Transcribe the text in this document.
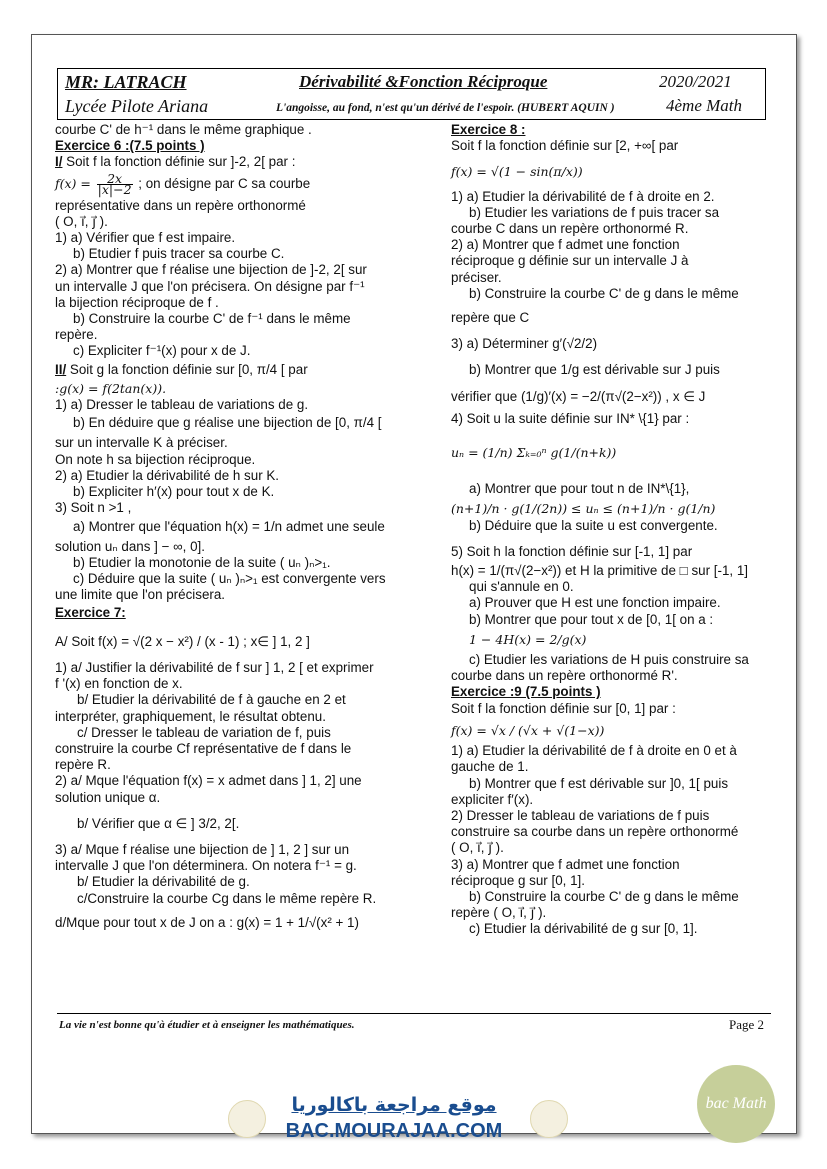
MR: LATRACH	Dérivabilité &Fonction Réciproque	2020/2021
Lycée Pilote Ariana	L'angoisse, au fond, n'est qu'un dérivé de l'espoir. (HUBERT AQUIN )	4ème Math
courbe C' de h⁻¹ dans le même graphique .
Exercice 6 :(7.5 points )
I/ Soit f la fonction définie sur ]-2, 2[ par :
$f(x) = \frac{2x}{|x|-2}$ ; on désigne par C sa courbe
représentative dans un repère orthonormé
( O, i⃗, j⃗ ).
1) a) Vérifier que f est impaire.
b) Etudier f puis tracer sa courbe C.
2) a) Montrer que f réalise une bijection de ]-2, 2[ sur
un intervalle J que l'on précisera. On désigne par f⁻¹
la bijection réciproque de f .
b) Construire la courbe C' de f⁻¹ dans le même
repère.
c) Expliciter f⁻¹(x) pour x de J.
II/ Soit g la fonction définie sur [0, π/4 [ par
:g(x) = f(2tan(x)).
1) a) Dresser le tableau de variations de g.
b) En déduire que g réalise une bijection de [0, π/4 [
sur un intervalle K à préciser.
On note h sa bijection réciproque.
2) a) Etudier la dérivabilité de h sur K.
b) Expliciter h′(x) pour tout x de K.
3) Soit n >1 ,
a) Montrer que l'équation h(x) = 1/n admet une seule
solution uₙ dans ] − ∞, 0].
b) Etudier la monotonie de la suite ( uₙ )ₙ>₁.
c) Déduire que la suite ( uₙ )ₙ>₁ est convergente vers
une limite que l'on précisera.
Exercice 7:
A/ Soit f(x) = √(2 x − x²) / (x - 1) ; x∈ ] 1, 2 ]
1) a/ Justifier la dérivabilité de f sur ] 1, 2 [ et exprimer
f '(x) en fonction de x.
b/ Etudier la dérivabilité de f à gauche en 2 et
interpréter, graphiquement, le résultat obtenu.
c/ Dresser le tableau de variation de f, puis
construire la courbe Cf représentative de f dans le
repère R.
2) a/ Mque l'équation f(x) = x admet dans ] 1, 2] une
solution unique α.
b/ Vérifier que α ∈ ] 3/2, 2[.
3) a/ Mque f réalise une bijection de ] 1, 2 ] sur un
intervalle J que l'on déterminera. On notera f⁻¹ = g.
b/ Etudier la dérivabilité de g.
c/Construire la courbe Cg dans le même repère R.
d/Mque pour tout x de J on a : g(x) = 1 + 1/√(x² + 1)
Exercice 8 :
Soit f la fonction définie sur [2, +∞[ par
f(x) = √(1 − sin(π/x))
1) a) Etudier la dérivabilité de f à droite en 2.
b) Etudier les variations de f puis tracer sa
courbe C dans un repère orthonormé R.
2) a) Montrer que f admet une fonction
réciproque g définie sur un intervalle J à
préciser.
b) Construire la courbe C' de g dans le même
repère que C
3) a) Déterminer g′(√2/2)
b) Montrer que 1/g est dérivable sur J puis
vérifier que (1/g)′(x) = −2/(π√(2−x²)) , x ∈ J
4) Soit u la suite définie sur IN* \{1} par :
uₙ = (1/n) Σₖ₌₀ⁿ g(1/(n+k))
a) Montrer que pour tout n de IN*\{1},
(n+1)/n · g(1/(2n)) ≤ uₙ ≤ (n+1)/n · g(1/n)
b) Déduire que la suite u est convergente.
5) Soit h la fonction définie sur [-1, 1] par
h(x) = 1/(π√(2−x²)) et H la primitive de □ sur [-1, 1]
qui s'annule en 0.
a) Prouver que H est une fonction impaire.
b) Montrer que pour tout x de [0, 1[ on a :
1 − 4H(x) = 2/g(x)
c) Etudier les variations de H puis construire sa
courbe dans un repère orthonormé R'.
Exercice :9 (7.5 points )
Soit f la fonction définie sur [0, 1] par :
f(x) = √x / (√x + √(1−x))
1) a) Etudier la dérivabilité de f à droite en 0 et à
gauche de 1.
b) Montrer que f est dérivable sur ]0, 1[ puis
expliciter f′(x).
2) Dresser le tableau de variations de f puis
construire sa courbe dans un repère orthonormé
( O, i⃗, j⃗ ).
3) a) Montrer que f admet une fonction
réciproque g sur [0, 1].
b) Construire la courbe C' de g dans le même
repère ( O, i⃗, j⃗ ).
c) Etudier la dérivabilité de g sur [0, 1].
La vie n'est bonne qu'à étudier et à enseigner les mathématiques.	Page 2
موقع مراجعة باكالوريا
BAC.MOURAJAA.COM
bac Math
